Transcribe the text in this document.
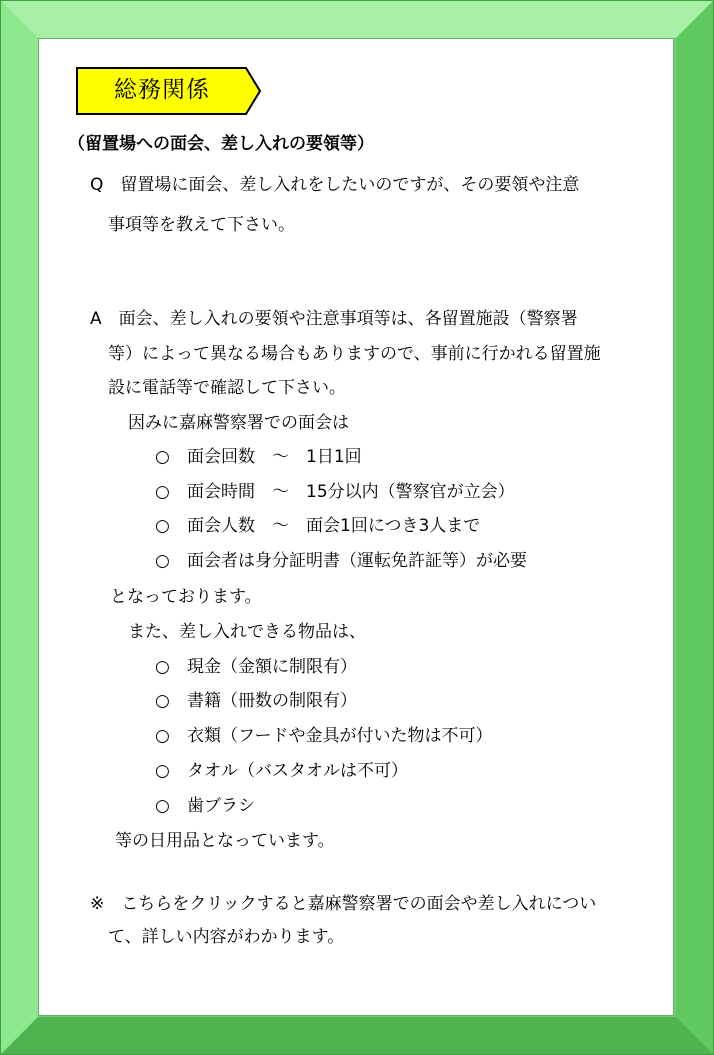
総務関係
（留置場への面会、差し入れの要領等）
Q　留置場に面会、差し入れをしたいのですが、その要領や注意
事項等を教えて下さい。
A　面会、差し入れの要領や注意事項等は、各留置施設（警察署
等）によって異なる場合もありますので、事前に行かれる留置施
設に電話等で確認して下さい。
因みに嘉麻警察署での面会は
○ 面会回数　～　1日1回
○ 面会時間　～　15分以内（警察官が立会）
○ 面会人数　～　面会1回につき3人まで
○ 面会者は身分証明書（運転免許証等）が必要
となっております。
また、差し入れできる物品は、
○ 現金（金額に制限有）
○ 書籍（冊数の制限有）
○ 衣類（フードや金具が付いた物は不可）
○ タオル（バスタオルは不可）
○ 歯ブラシ
等の日用品となっています。
※　こちらをクリックすると嘉麻警察署での面会や差し入れについ
て、詳しい内容がわかります。
